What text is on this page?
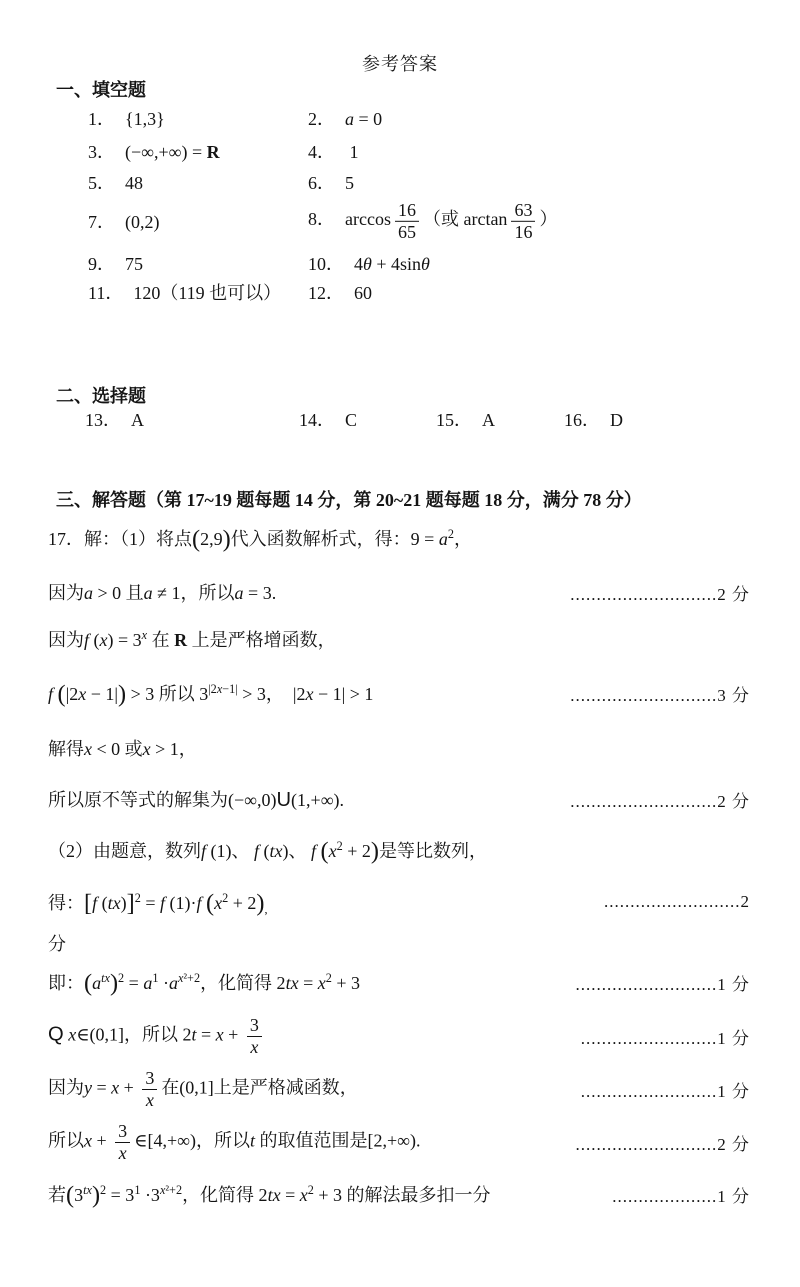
参考答案
一、填空题
1． {1,3}	2． a = 0
3． (−∞,+∞) = R	4． 1
5． 48	6． 5
7． (0,2)	8． $\arccos \frac{16}{65}$ （或 $\arctan \frac{63}{16}$ ）
9． 75	10． 4θ + 4sinθ
11． 120（119 也可以） 12． 60
二、选择题
13． A	14． C	15． A	16． D
三、解答题（第 17~19 题每题 14 分，第 20~21 题每题 18 分，满分 78 分）
17．解：（1）将点(2,9)代入函数解析式，得：$9 = a^2$，
因为a > 0 且a ≠ 1，所以a = 3.	............................2 分
因为f $(x) = 3^x$ 在 R 上是严格增函数，
f (|2x − 1|) > 3 所以 $3^{|2x-1|} > 3$，　|2x − 1| > 1	............................3 分
解得x < 0 或x > 1，
所以原不等式的解集为(−∞,0)U(1,+∞).	............................2 分
（2）由题意，数列f (1)、 f (tx)、 f $(x^2 + 2)$是等比数列，
得：[f (tx)]$^2$ = f (1)·f $(x^2 + 2)_,$	..........................2
分
即：$(a^{tx})^2 = a^1 \cdot a^{x^2+2}$，化简得 $2tx = x^2 + 3$	...........................1 分
Q x∈(0,1]，所以 $2t = x + \frac{3}{x}$	..........................1 分
因为$y = x + \frac{3}{x}$ 在(0,1]上是严格减函数，	..........................1 分
所以$x + \frac{3}{x}$ ∈[4,+∞)，所以t 的取值范围是[2,+∞).	...........................2 分
若$(3^{tx})^2 = 3^1 \cdot 3^{x^2+2}$，化简得 $2tx = x^2 + 3$ 的解法最多扣一分	....................1 分
